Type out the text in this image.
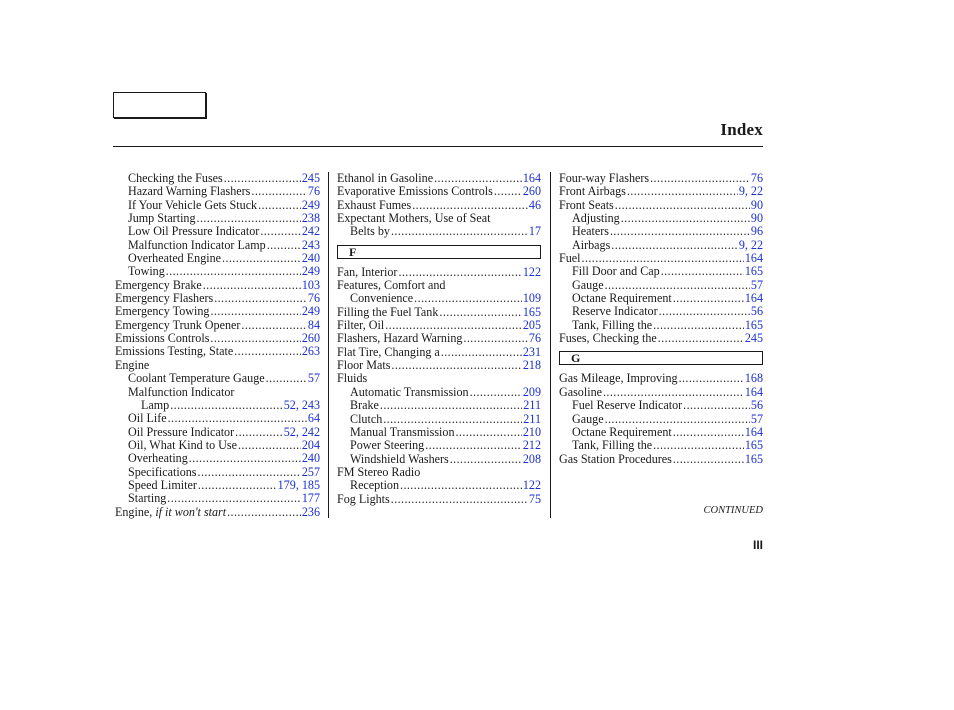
Index
Checking the Fuses .....	245
Hazard Warning Flashers .....	76
If Your Vehicle Gets Stuck .....	249
Jump Starting .....	238
Low Oil Pressure Indicator .....	242
Malfunction Indicator Lamp .....	243
Overheated Engine .....	240
Towing .....	249
Emergency Brake .....	103
Emergency Flashers .....	76
Emergency Towing .....	249
Emergency Trunk Opener .....	84
Emissions Controls .....	260
Emissions Testing, State .....	263
Engine
Coolant Temperature Gauge .....	57
Malfunction Indicator
Lamp .....	52, 243
Oil Life .....	64
Oil Pressure Indicator .....	52, 242
Oil, What Kind to Use .....	204
Overheating .....	240
Specifications .....	257
Speed Limiter .....	179, 185
Starting .....	177
Engine, if it won't start .....	236
Ethanol in Gasoline .....	164
Evaporative Emissions Controls ..... 260
Exhaust Fumes .....	46
Expectant Mothers, Use of Seat
Belts by .....	17
F
Fan, Interior .....	122
Features, Comfort and
Convenience .....	109
Filling the Fuel Tank .....	165
Filter, Oil .....	205
Flashers, Hazard Warning .....	76
Flat Tire, Changing a .....	231
Floor Mats .....	218
Fluids
Automatic Transmission .....	209
Brake .....	211
Clutch .....	211
Manual Transmission .....	210
Power Steering .....	212
Windshield Washers .....	208
FM Stereo Radio
Reception .....	122
Fog Lights .....	75
Four-way Flashers .....	76
Front Airbags .....	9, 22
Front Seats .....	90
Adjusting .....	90
Heaters .....	96
Airbags .....	9, 22
Fuel .....	164
Fill Door and Cap .....	165
Gauge .....	57
Octane Requirement .....	164
Reserve Indicator .....	56
Tank, Filling the .....	165
Fuses, Checking the .....	245
G
Gas Mileage, Improving .....	168
Gasoline .....	164
Fuel Reserve Indicator .....	56
Gauge .....	57
Octane Requirement .....	164
Tank, Filling the .....	165
Gas Station Procedures .....	165
CONTINUED
III
